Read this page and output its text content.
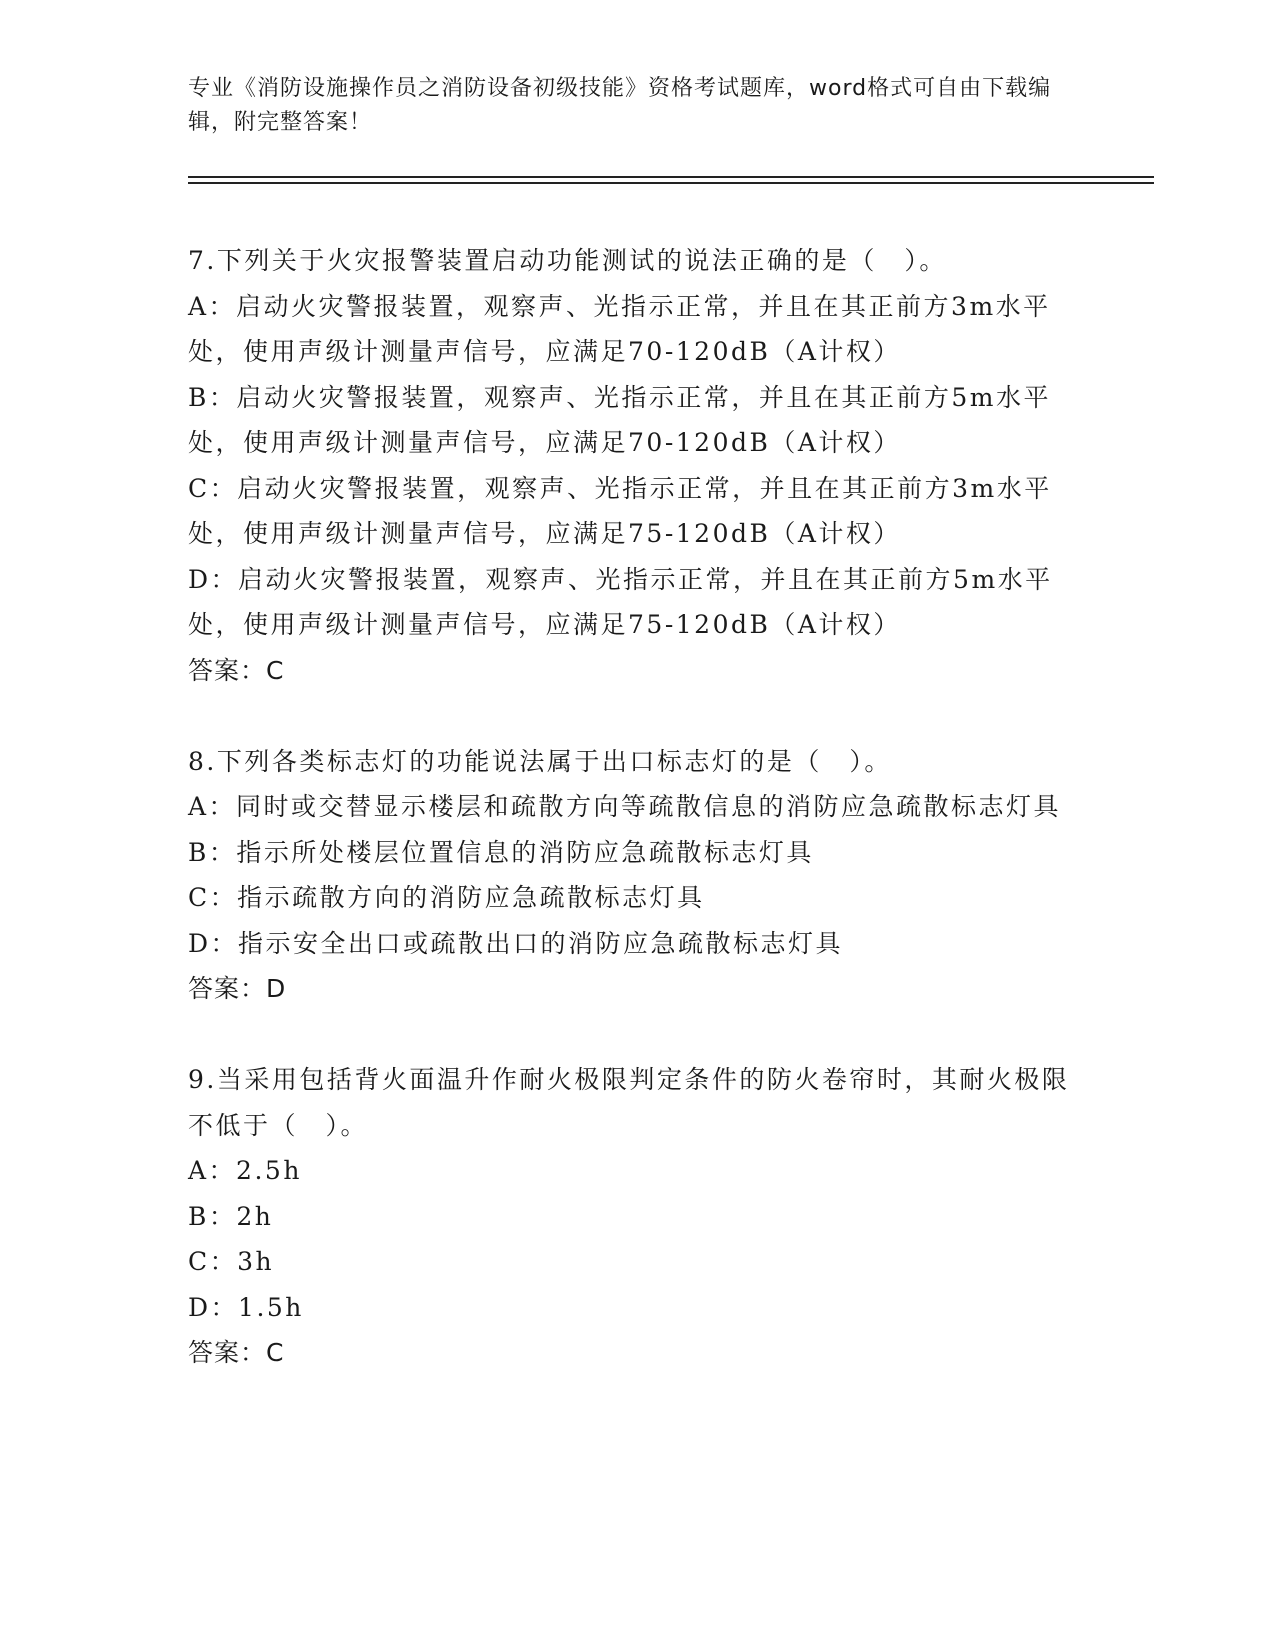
专业《消防设施操作员之消防设备初级技能》资格考试题库，word格式可自由下载编辑，附完整答案！

7.下列关于火灾报警装置启动功能测试的说法正确的是（　）。

A：启动火灾警报装置，观察声、光指示正常，并且在其正前方3m水平处，使用声级计测量声信号，应满足70-120dB（A计权）

B：启动火灾警报装置，观察声、光指示正常，并且在其正前方5m水平处，使用声级计测量声信号，应满足70-120dB（A计权）

C：启动火灾警报装置，观察声、光指示正常，并且在其正前方3m水平处，使用声级计测量声信号，应满足75-120dB（A计权）

D：启动火灾警报装置，观察声、光指示正常，并且在其正前方5m水平处，使用声级计测量声信号，应满足75-120dB（A计权）

答案：C

8.下列各类标志灯的功能说法属于出口标志灯的是（　）。

A：同时或交替显示楼层和疏散方向等疏散信息的消防应急疏散标志灯具

B：指示所处楼层位置信息的消防应急疏散标志灯具

C：指示疏散方向的消防应急疏散标志灯具

D：指示安全出口或疏散出口的消防应急疏散标志灯具

答案：D

9.当采用包括背火面温升作耐火极限判定条件的防火卷帘时，其耐火极限不低于（　）。

A：2.5h

B：2h

C：3h

D：1.5h

答案：C
